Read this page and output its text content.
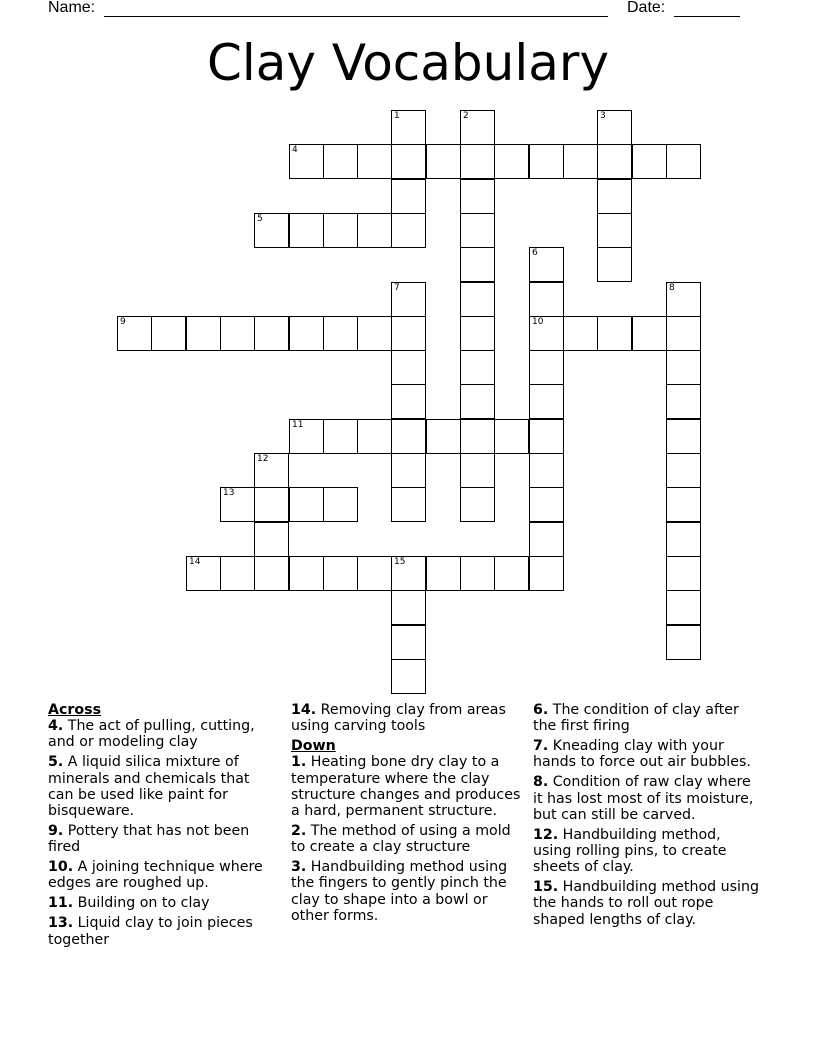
Name:	Date:
Clay Vocabulary
1	2	3
4
5
6
7	8
9	10
11
12
13
14	15

Across

4. The act of pulling, cutting, and or modeling clay

5. A liquid silica mixture of minerals and chemicals that can be used like paint for bisqueware.

9. Pottery that has not been fired

10. A joining technique where edges are roughed up.

11. Building on to clay

13. Liquid clay to join pieces together

14. Removing clay from areas using carving tools

Down

1. Heating bone dry clay to a temperature where the clay structure changes and produces a hard, permanent structure.

2. The method of using a mold to create a clay structure

3. Handbuilding method using the fingers to gently pinch the clay to shape into a bowl or other forms.

6. The condition of clay after the first firing

7. Kneading clay with your hands to force out air bubbles.

8. Condition of raw clay where it has lost most of its moisture, but can still be carved.

12. Handbuilding method, using rolling pins, to create sheets of clay.

15. Handbuilding method using the hands to roll out rope shaped lengths of clay.
